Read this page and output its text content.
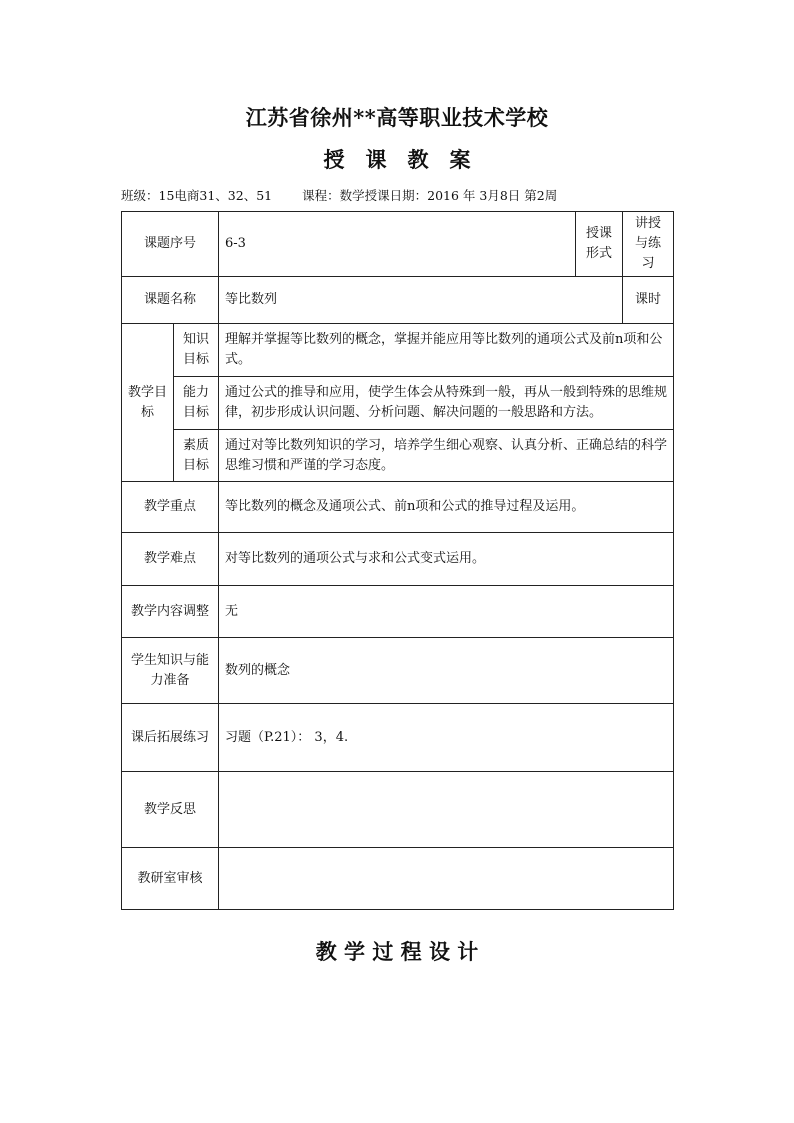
江苏省徐州**高等职业技术学校
授　课　教　案
班级：15电商31、32、51 课程：数学授课日期：2016 年 3月8日 第2周
课题序号		6-3	授课形式	讲授与练习
课题名称		等比数列		课时
教学目标	知识目标	理解并掌握等比数列的概念，掌握并能应用等比数列的通项公式及前n项和公式。		
	能力目标	通过公式的推导和应用，使学生体会从特殊到一般，再从一般到特殊的思维规律，初步形成认识问题、分析问题、解决问题的一般思路和方法。		
	素质目标	通过对等比数列知识的学习，培养学生细心观察、认真分析、正确总结的科学思维习惯和严谨的学习态度。		
教学重点		等比数列的概念及通项公式、前n项和公式的推导过程及运用。		
教学难点		对等比数列的通项公式与求和公式变式运用。		
教学内容调整		无		
学生知识与能力准备		数列的概念		
课后拓展练习		习题（P.21）： 3，4.		
教学反思				
教研室审核				
教 学 过 程 设 计
